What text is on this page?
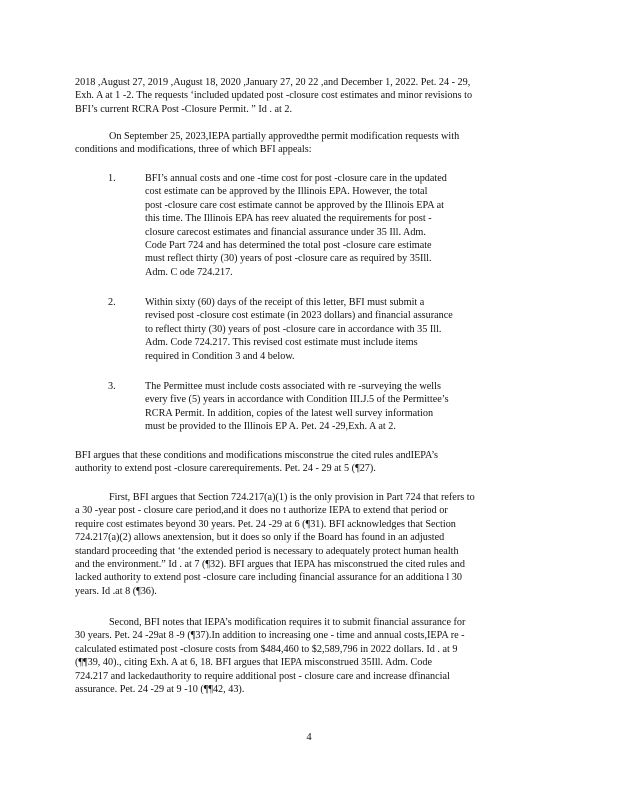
2018 ,August 27, 2019 ,August 18, 2020 ,January 27, 20 22 ,and December 1, 2022. Pet. 24 - 29,
Exh. A at 1 -2. The requests ‘included updated post -closure cost estimates and minor revisions to
BFI’s current RCRA Post -Closure Permit. ” Id . at 2.
On September 25, 2023,IEPA partially approvedthe permit modification requests with
conditions and modifications, three of which BFI appeals:
1.	BFI’s annual costs and one -time cost for post -closure care in the updated
cost estimate can be approved by the Illinois EPA. However, the total
post -closure care cost estimate cannot be approved by the Illinois EPA at
this time. The Illinois EPA has reev aluated the requirements for post -
closure carecost estimates and financial assurance under 35 Ill. Adm.
Code Part 724 and has determined the total post -closure care estimate
must reflect thirty (30) years of post -closure care as required by 35Ill.
Adm. C ode 724.217.
2.	Within sixty (60) days of the receipt of this letter, BFI must submit a
revised post -closure cost estimate (in 2023 dollars) and financial assurance
to reflect thirty (30) years of post -closure care in accordance with 35 Ill.
Adm. Code 724.217. This revised cost estimate must include items
required in Condition 3 and 4 below.
3.	The Permittee must include costs associated with re -surveying the wells
every five (5) years in accordance with Condition III.J.5 of the Permittee’s
RCRA Permit. In addition, copies of the latest well survey information
must be provided to the Illinois EP A. Pet. 24 -29,Exh. A at 2.
BFI argues that these conditions and modifications misconstrue the cited rules andIEPA’s
authority to extend post -closure carerequirements. Pet. 24 - 29 at 5 (¶27).
First, BFI argues that Section 724.217(a)(1) is the only provision in Part 724 that refers to
a 30 -year post - closure care period,and it does no t authorize IEPA to extend that period or
require cost estimates beyond 30 years. Pet. 24 -29 at 6 (¶31). BFI acknowledges that Section
724.217(a)(2) allows anextension, but it does so only if the Board has found in an adjusted
standard proceeding that ‘the extended period is necessary to adequately protect human health
and the environment.” Id . at 7 (¶32). BFI argues that IEPA has misconstrued the cited rules and
lacked authority to extend post -closure care including financial assurance for an additiona l 30
years. Id .at 8 (¶36).
Second, BFI notes that IEPA’s modification requires it to submit financial assurance for
30 years. Pet. 24 -29at 8 -9 (¶37).In addition to increasing one - time and annual costs,IEPA re -
calculated estimated post -closure costs from $484,460 to $2,589,796 in 2022 dollars. Id . at 9
(¶¶39, 40)., citing Exh. A at 6, 18. BFI argues that IEPA misconstrued 35Ill. Adm. Code
724.217 and lackedauthority to require additional post - closure care and increase dfinancial
assurance. Pet. 24 -29 at 9 -10 (¶¶42, 43).
4
